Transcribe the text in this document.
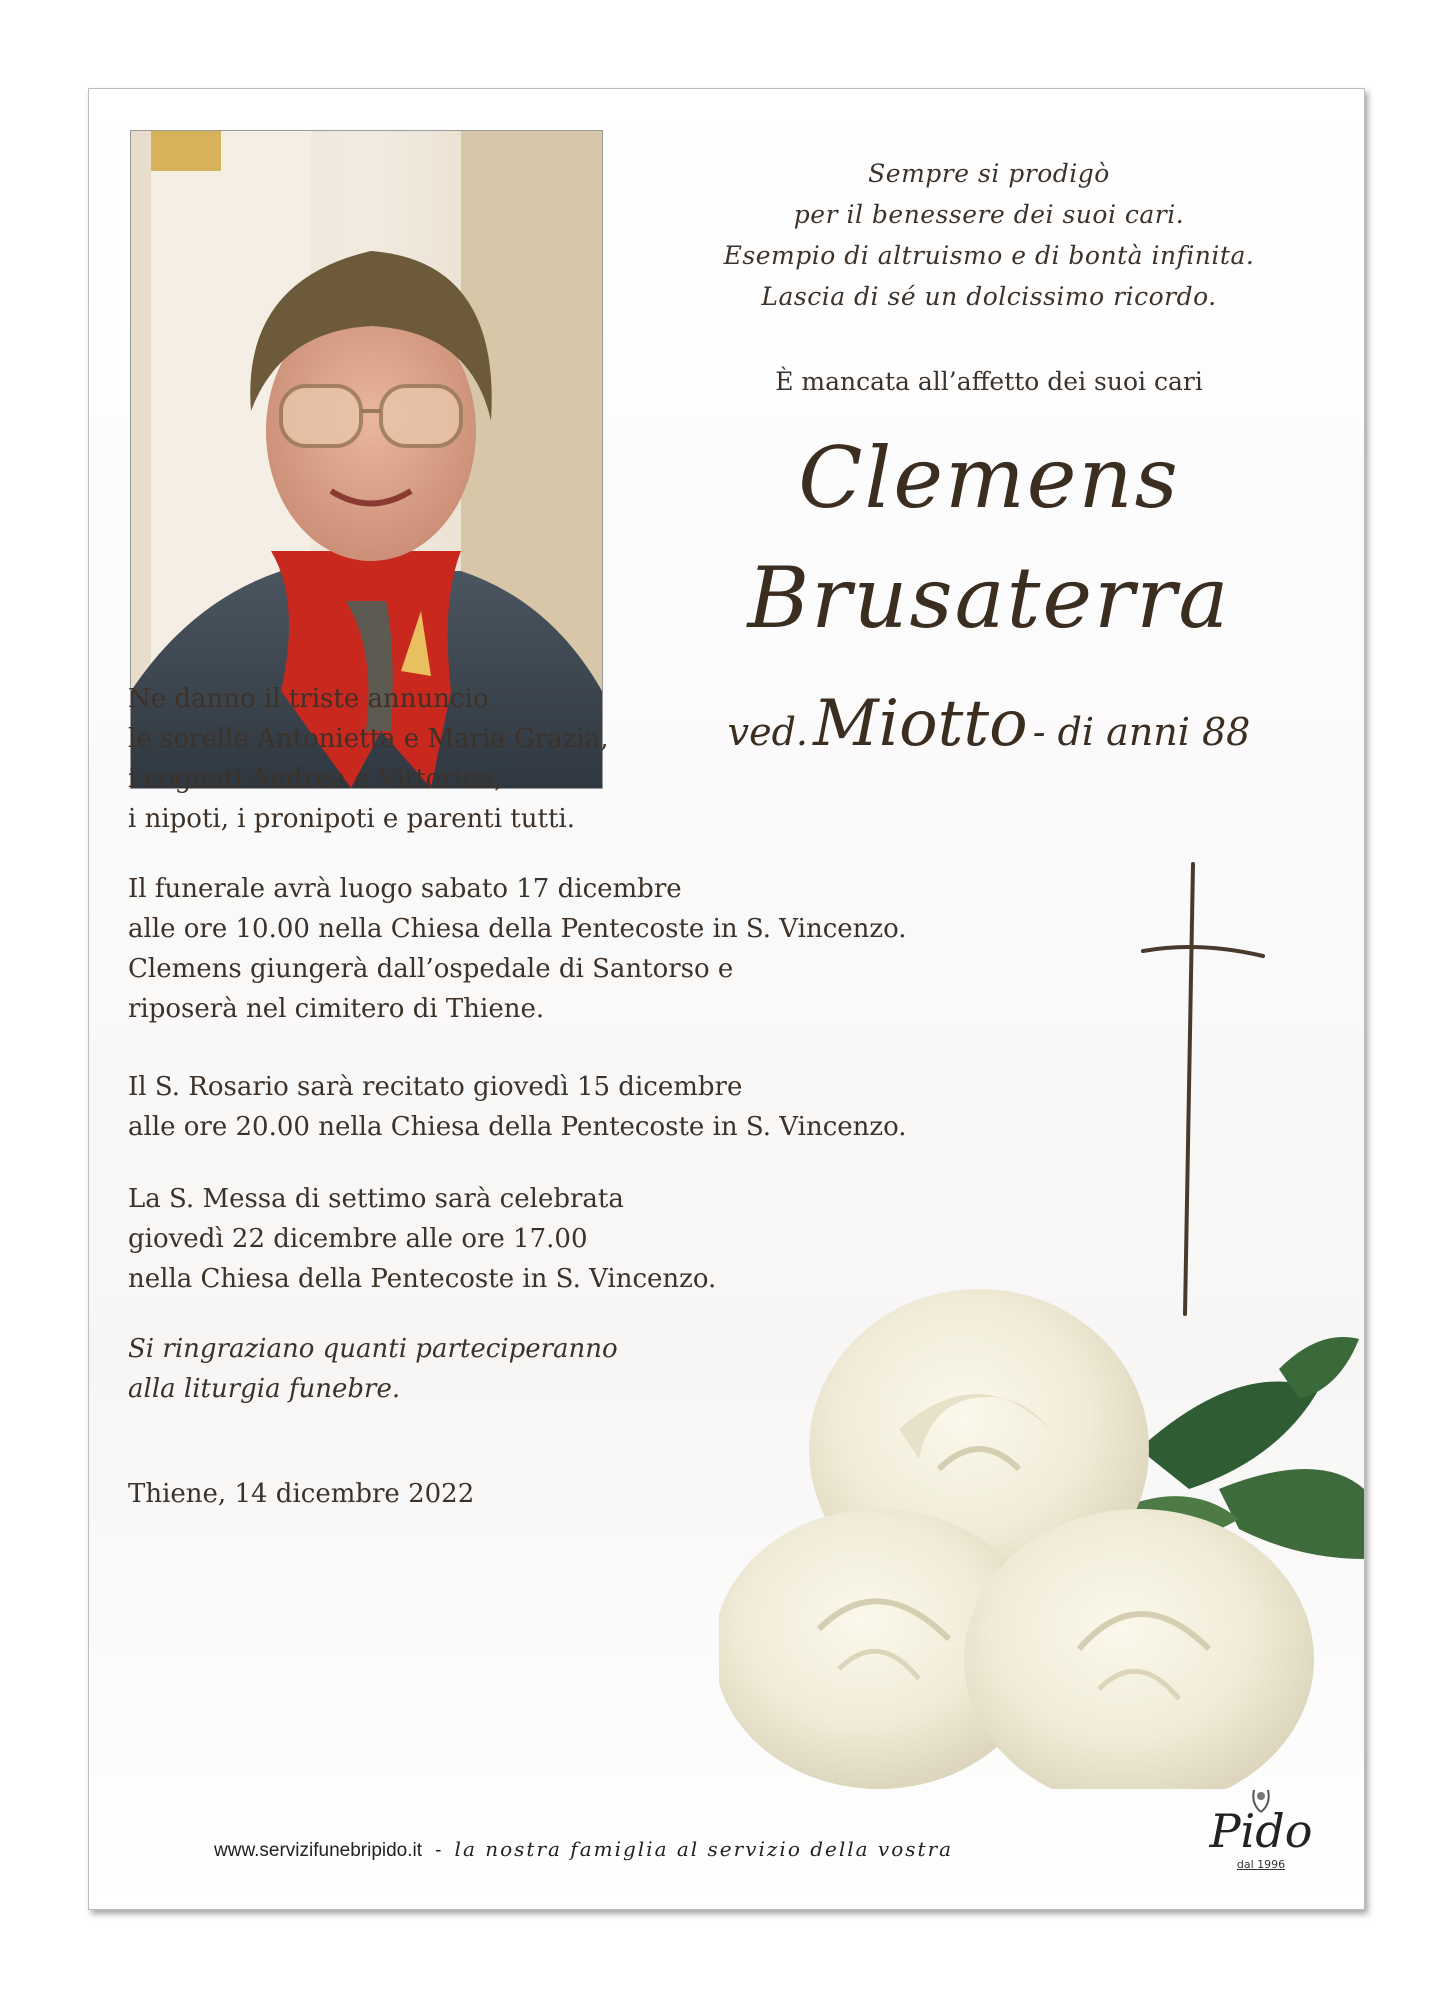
Sempre si prodigò
per il benessere dei suoi cari.
Esempio di altruismo e di bontà infinita.
Lascia di sé un dolcissimo ricordo.
È mancata all’affetto dei suoi cari
Clemens
Brusaterra
ved. Miotto - di anni 88
Ne danno il triste annuncio
le sorelle Antonietta e Maria Grazia,
i cognati Andrea e Vittorina,
i nipoti, i pronipoti e parenti tutti.
Il funerale avrà luogo sabato 17 dicembre
alle ore 10.00 nella Chiesa della Pentecoste in S. Vincenzo.
Clemens giungerà dall’ospedale di Santorso e
riposerà nel cimitero di Thiene.
Il S. Rosario sarà recitato giovedì 15 dicembre
alle ore 20.00 nella Chiesa della Pentecoste in S. Vincenzo.
La S. Messa di settimo sarà celebrata
giovedì 22 dicembre alle ore 17.00
nella Chiesa della Pentecoste in S. Vincenzo.
Si ringraziano quanti parteciperanno
alla liturgia funebre.
Thiene, 14 dicembre 2022
Pido
dal 1996
www.servizifunebripido.it - la nostra famiglia al servizio della vostra
